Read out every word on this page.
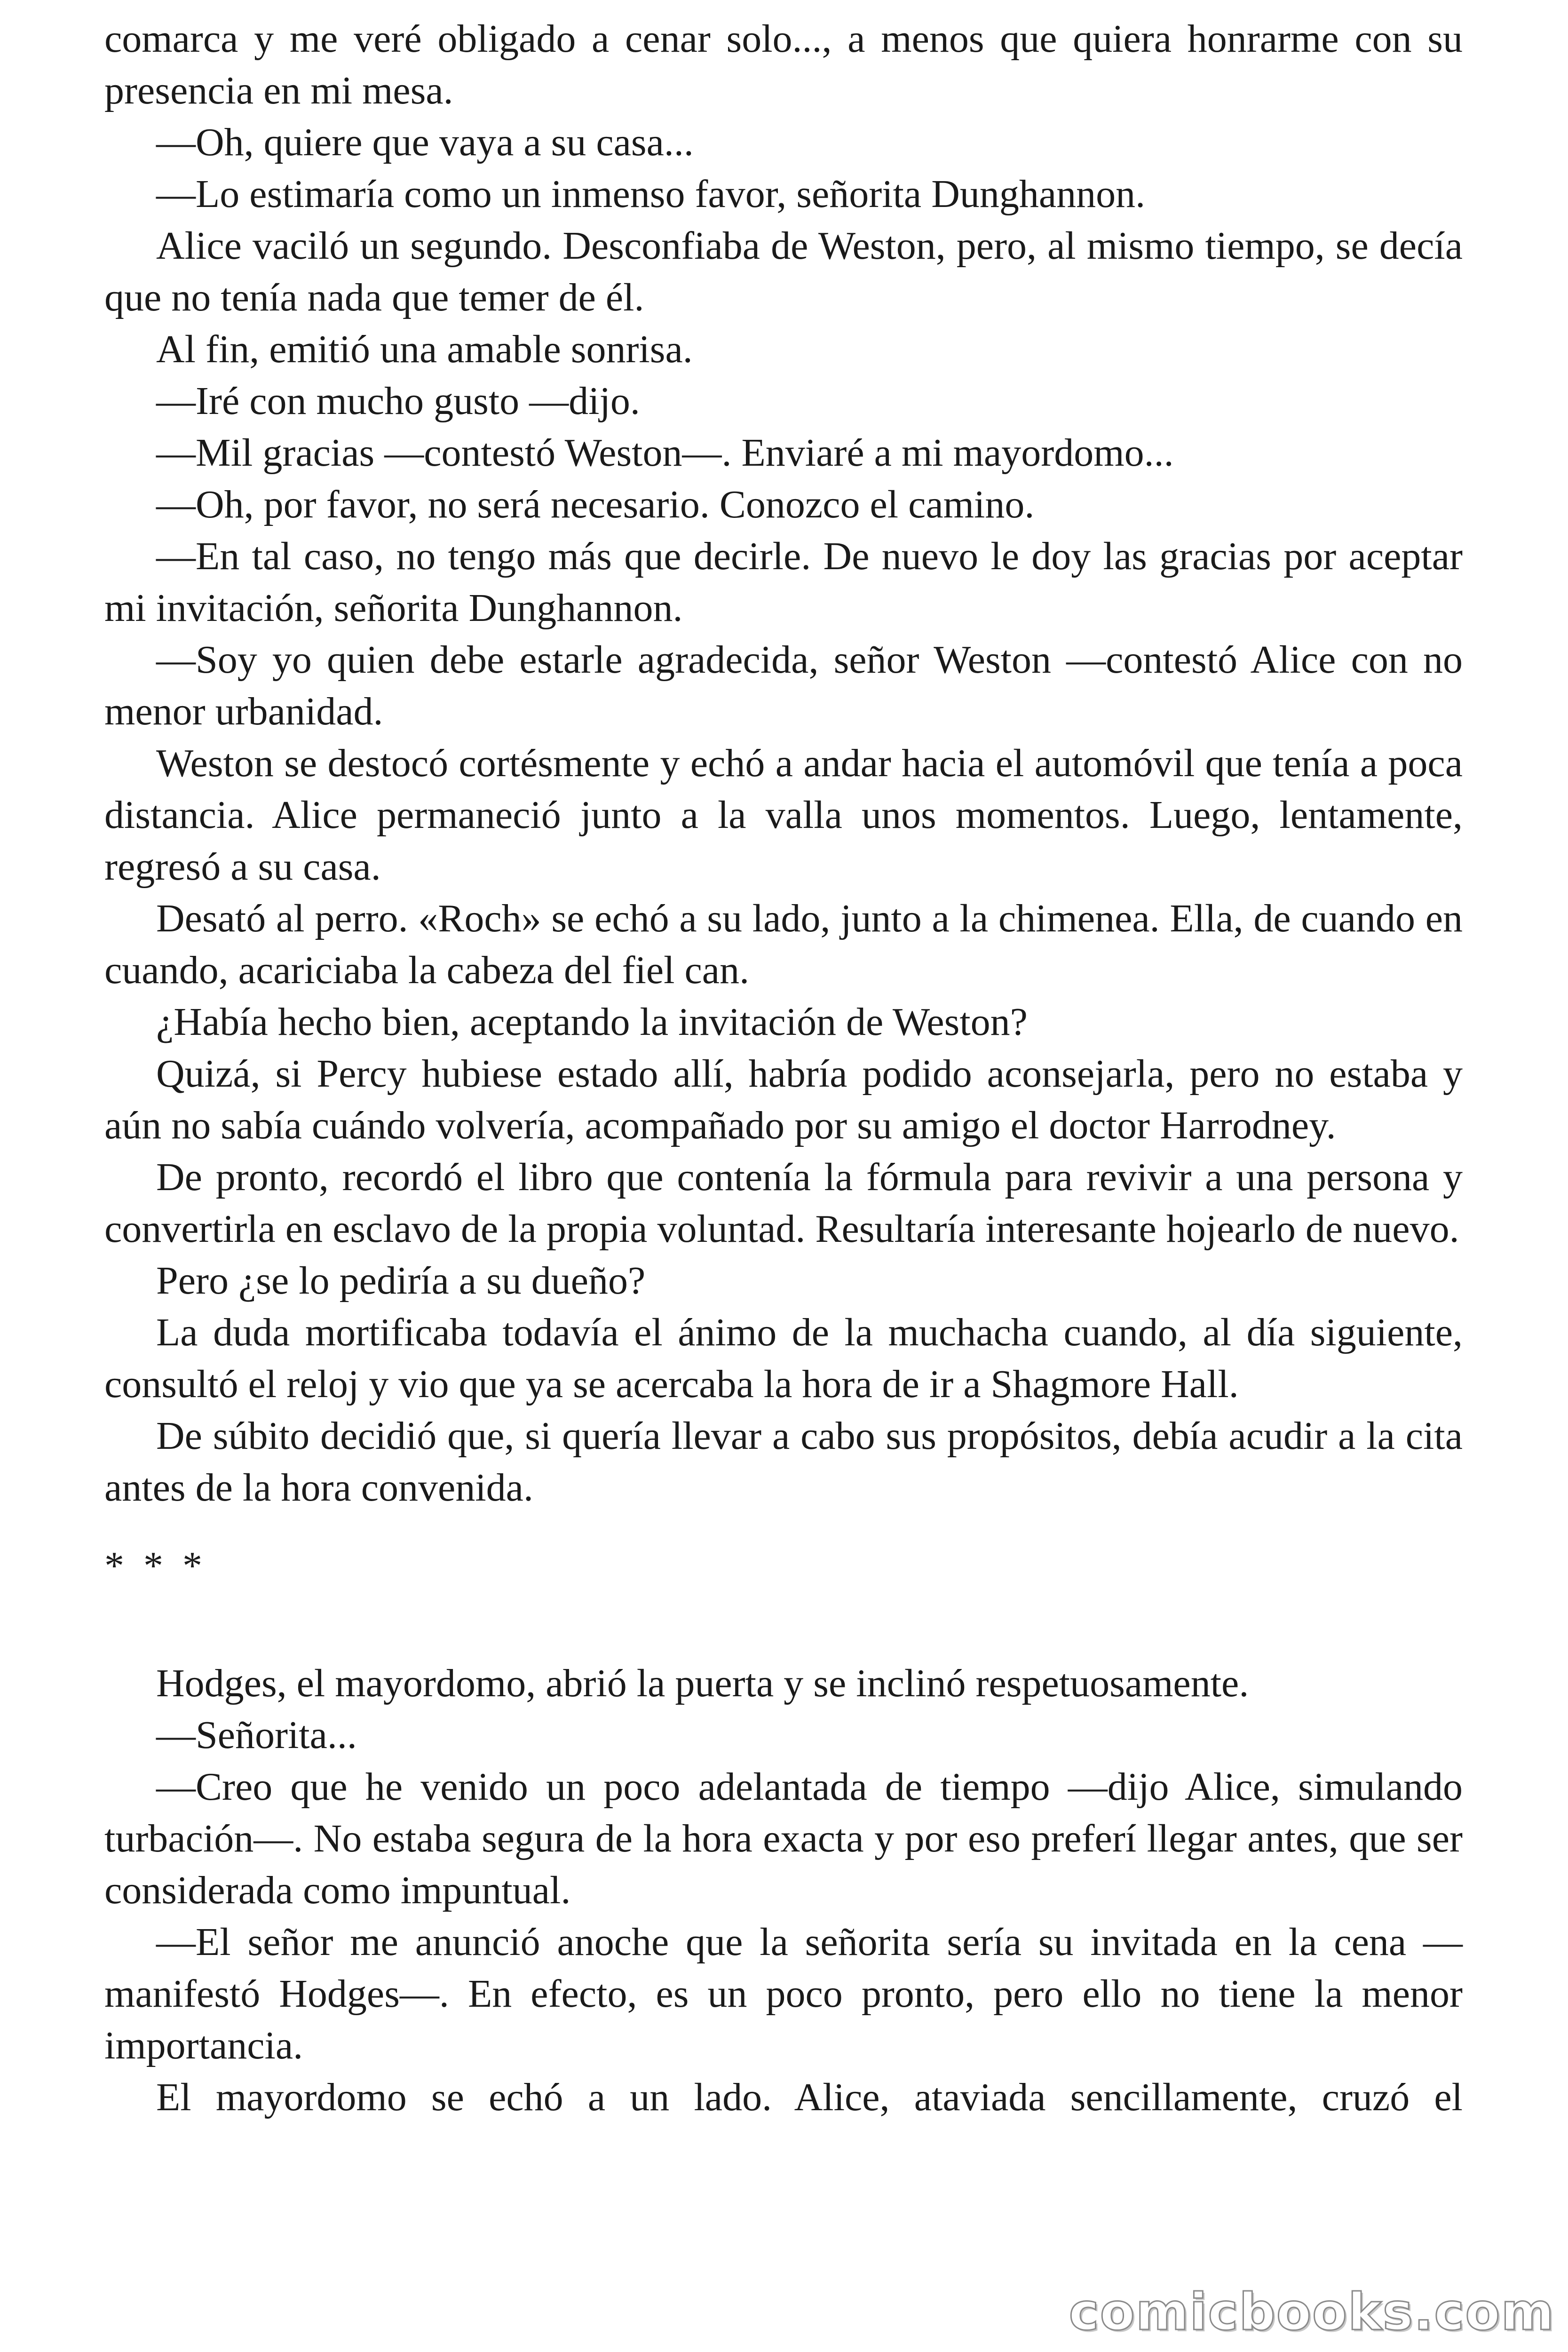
comarca y me veré obligado a cenar solo..., a menos que quiera honrarme con su presencia en mi mesa.

—Oh, quiere que vaya a su casa...

—Lo estimaría como un inmenso favor, señorita Dunghannon.

Alice vaciló un segundo. Desconfiaba de Weston, pero, al mismo tiempo, se decía que no tenía nada que temer de él.

Al fin, emitió una amable sonrisa.

—Iré con mucho gusto —dijo.

—Mil gracias —contestó Weston—. Enviaré a mi mayordomo...

—Oh, por favor, no será necesario. Conozco el camino.

—En tal caso, no tengo más que decirle. De nuevo le doy las gracias por aceptar mi invitación, señorita Dunghannon.

—Soy yo quien debe estarle agradecida, señor Weston —contestó Alice con no menor urbanidad.

Weston se destocó cortésmente y echó a andar hacia el automóvil que tenía a poca distancia. Alice permaneció junto a la valla unos momentos. Luego, lentamente, regresó a su casa.

Desató al perro. «Roch» se echó a su lado, junto a la chimenea. Ella, de cuando en cuando, acariciaba la cabeza del fiel can.

¿Había hecho bien, aceptando la invitación de Weston?

Quizá, si Percy hubiese estado allí, habría podido aconsejarla, pero no estaba y aún no sabía cuándo volvería, acompañado por su amigo el doctor Harrodney.

De pronto, recordó el libro que contenía la fórmula para revivir a una persona y convertirla en esclavo de la propia voluntad. Resultaría interesante hojearlo de nuevo.

Pero ¿se lo pediría a su dueño?

La duda mortificaba todavía el ánimo de la muchacha cuando, al día siguiente, consultó el reloj y vio que ya se acercaba la hora de ir a Shagmore Hall.

De súbito decidió que, si quería llevar a cabo sus propósitos, debía acudir a la cita antes de la hora convenida.

* * *

Hodges, el mayordomo, abrió la puerta y se inclinó respetuosamente.

—Señorita...

—Creo que he venido un poco adelantada de tiempo —dijo Alice, simulando turbación—. No estaba segura de la hora exacta y por eso preferí llegar antes, que ser considerada como impuntual.

—El señor me anunció anoche que la señorita sería su invitada en la cena —manifestó Hodges—. En efecto, es un poco pronto, pero ello no tiene la menor importancia.

El mayordomo se echó a un lado. Alice, ataviada sencillamente, cruzó el

comicbooks.com
